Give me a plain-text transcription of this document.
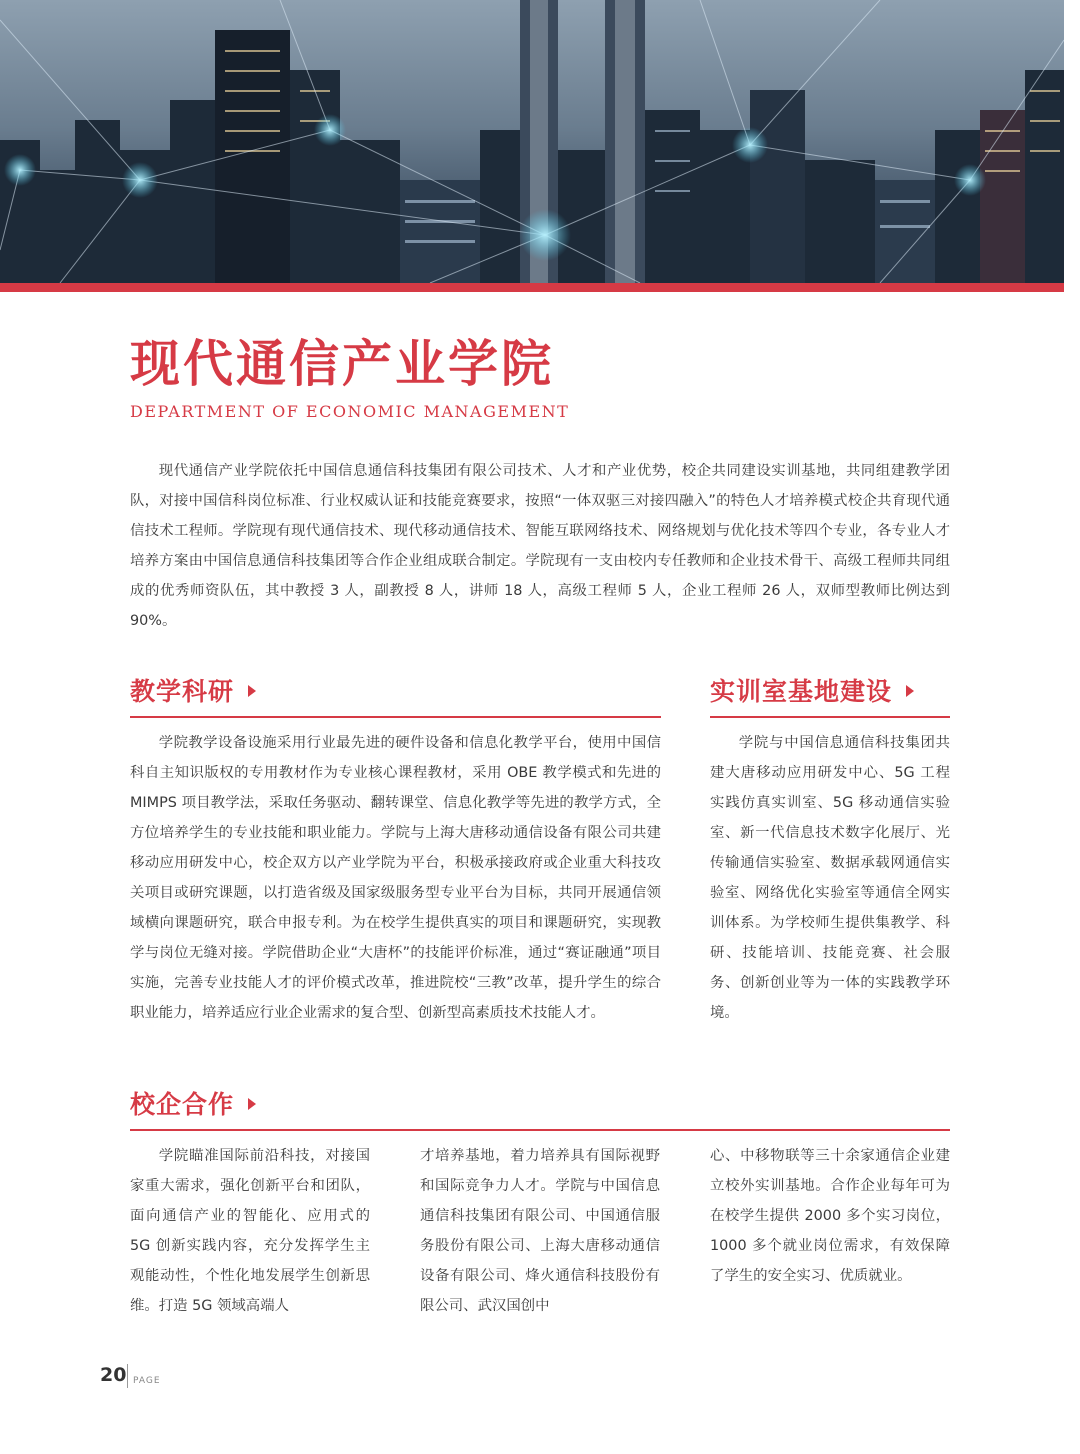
现代通信产业学院
DEPARTMENT OF ECONOMIC MANAGEMENT

现代通信产业学院依托中国信息通信科技集团有限公司技术、人才和产业优势，校企共同建设实训基地，共同组建教学团队，对接中国信科岗位标准、行业权威认证和技能竞赛要求，按照“一体双驱三对接四融入”的特色人才培养模式校企共育现代通信技术工程师。学院现有现代通信技术、现代移动通信技术、智能互联网络技术、网络规划与优化技术等四个专业，各专业人才培养方案由中国信息通信科技集团等合作企业组成联合制定。学院现有一支由校内专任教师和企业技术骨干、高级工程师共同组成的优秀师资队伍，其中教授 3 人，副教授 8 人，讲师 18 人，高级工程师 5 人，企业工程师 26 人，双师型教师比例达到 90%。

教学科研

学院教学设备设施采用行业最先进的硬件设备和信息化教学平台，使用中国信科自主知识版权的专用教材作为专业核心课程教材，采用 OBE 教学模式和先进的 MIMPS 项目教学法，采取任务驱动、翻转课堂、信息化教学等先进的教学方式，全方位培养学生的专业技能和职业能力。学院与上海大唐移动通信设备有限公司共建移动应用研发中心，校企双方以产业学院为平台，积极承接政府或企业重大科技攻关项目或研究课题，以打造省级及国家级服务型专业平台为目标，共同开展通信领域横向课题研究，联合申报专利。为在校学生提供真实的项目和课题研究，实现教学与岗位无缝对接。学院借助企业“大唐杯”的技能评价标准，通过“赛证融通”项目实施，完善专业技能人才的评价模式改革，推进院校“三教”改革，提升学生的综合职业能力，培养适应行业企业需求的复合型、创新型高素质技术技能人才。

实训室基地建设

学院与中国信息通信科技集团共建大唐移动应用研发中心、5G 工程实践仿真实训室、5G 移动通信实验室、新一代信息技术数字化展厅、光传输通信实验室、数据承载网通信实验室、网络优化实验室等通信全网实训体系。为学校师生提供集教学、科研、技能培训、技能竞赛、社会服务、创新创业等为一体的实践教学环境。

校企合作

学院瞄准国际前沿科技，对接国家重大需求，强化创新平台和团队，面向通信产业的智能化、应用式的 5G 创新实践内容，充分发挥学生主观能动性，个性化地发展学生创新思维。打造 5G 领域高端人

才培养基地，着力培养具有国际视野和国际竞争力人才。学院与中国信息通信科技集团有限公司、中国通信服务股份有限公司、上海大唐移动通信设备有限公司、烽火通信科技股份有限公司、武汉国创中

心、中移物联等三十余家通信企业建立校外实训基地。合作企业每年可为在校学生提供 2000 多个实习岗位，1000 多个就业岗位需求，有效保障了学生的安全实习、优质就业。

20 PAGE
